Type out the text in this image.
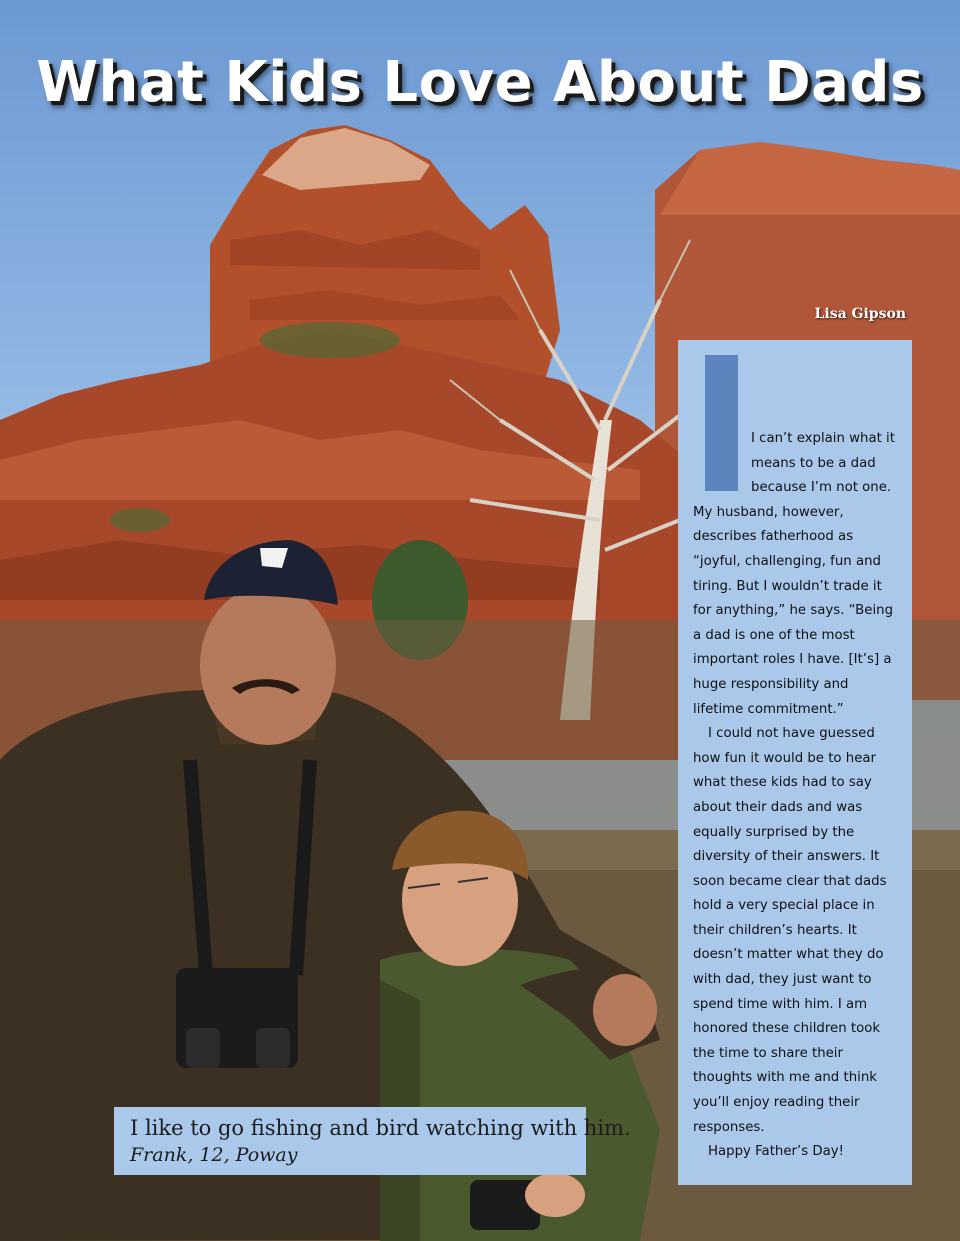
What Kids Love About Dads
Lisa Gipson

I can’t explain what it means to be a dad because I’m not one. My husband, however, describes fatherhood as “joyful, challenging, fun and tiring. But I wouldn’t trade it for anything,” he says. “Being a dad is one of the most important roles I have. [It’s] a huge responsibility and lifetime commitment.”

I could not have guessed how fun it would be to hear what these kids had to say about their dads and was equally surprised by the diversity of their answers. It soon became clear that dads hold a very special place in their children’s hearts. It doesn’t matter what they do with dad, they just want to spend time with him. I am honored these children took the time to share their thoughts with me and think you’ll enjoy reading their responses.

Happy Father’s Day!

I like to go fishing and bird watching with him.
Frank, 12, Poway
